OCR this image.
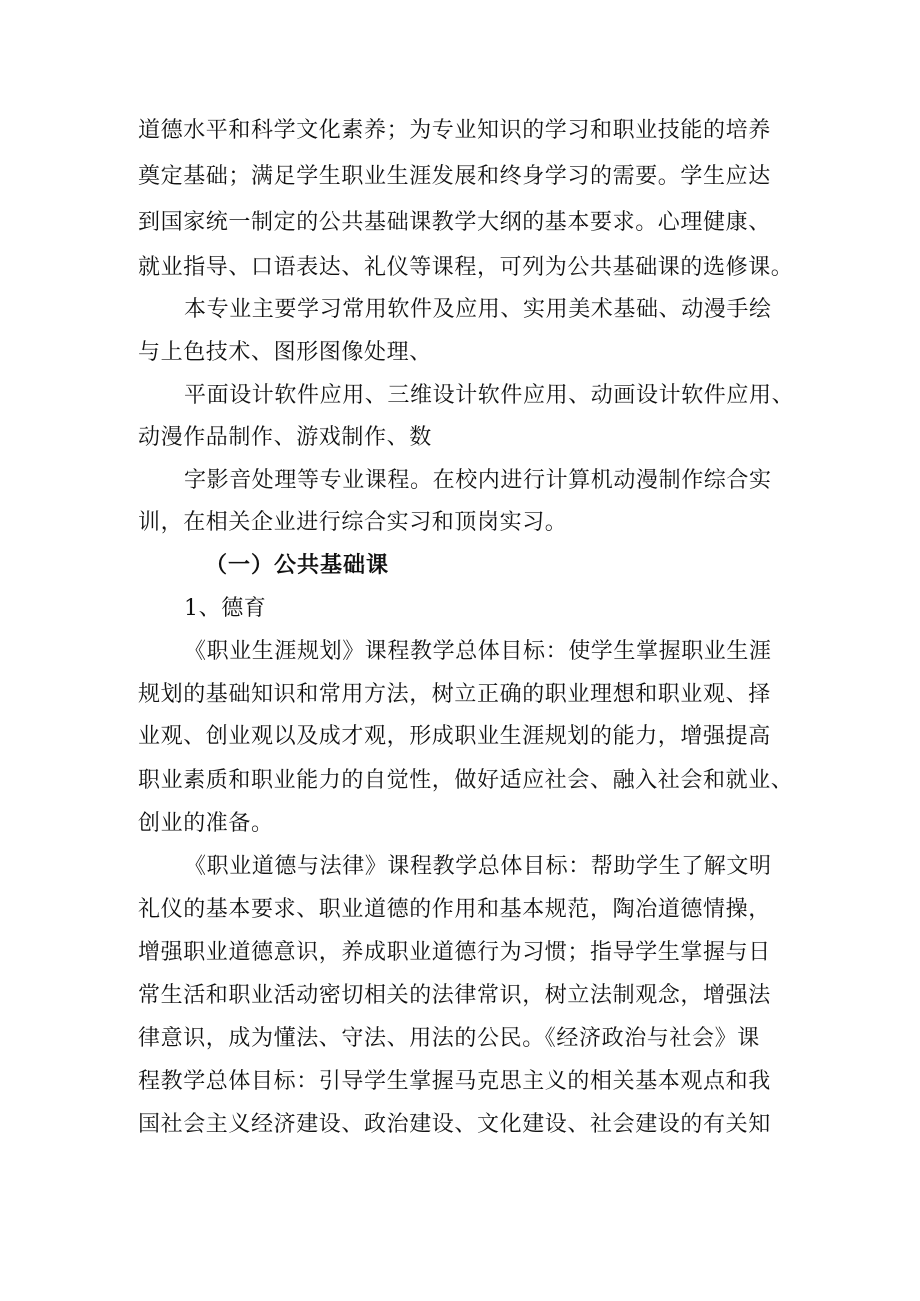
道德水平和科学文化素养；为专业知识的学习和职业技能的培养
奠定基础；满足学生职业生涯发展和终身学习的需要。学生应达
到国家统一制定的公共基础课教学大纲的基本要求。心理健康、
就业指导、口语表达、礼仪等课程，可列为公共基础课的选修课。
本专业主要学习常用软件及应用、实用美术基础、动漫手绘
与上色技术、图形图像处理、
平面设计软件应用、三维设计软件应用、动画设计软件应用、
动漫作品制作、游戏制作、数
字影音处理等专业课程。在校内进行计算机动漫制作综合实
训，在相关企业进行综合实习和顶岗实习。
（一）公共基础课
1、德育
《职业生涯规划》课程教学总体目标：使学生掌握职业生涯
规划的基础知识和常用方法，树立正确的职业理想和职业观、择
业观、创业观以及成才观，形成职业生涯规划的能力，增强提高
职业素质和职业能力的自觉性，做好适应社会、融入社会和就业、
创业的准备。
《职业道德与法律》课程教学总体目标：帮助学生了解文明
礼仪的基本要求、职业道德的作用和基本规范，陶冶道德情操，
增强职业道德意识，养成职业道德行为习惯；指导学生掌握与日
常生活和职业活动密切相关的法律常识，树立法制观念，增强法
律意识，成为懂法、守法、用法的公民。《经济政治与社会》课
程教学总体目标：引导学生掌握马克思主义的相关基本观点和我
国社会主义经济建设、政治建设、文化建设、社会建设的有关知
